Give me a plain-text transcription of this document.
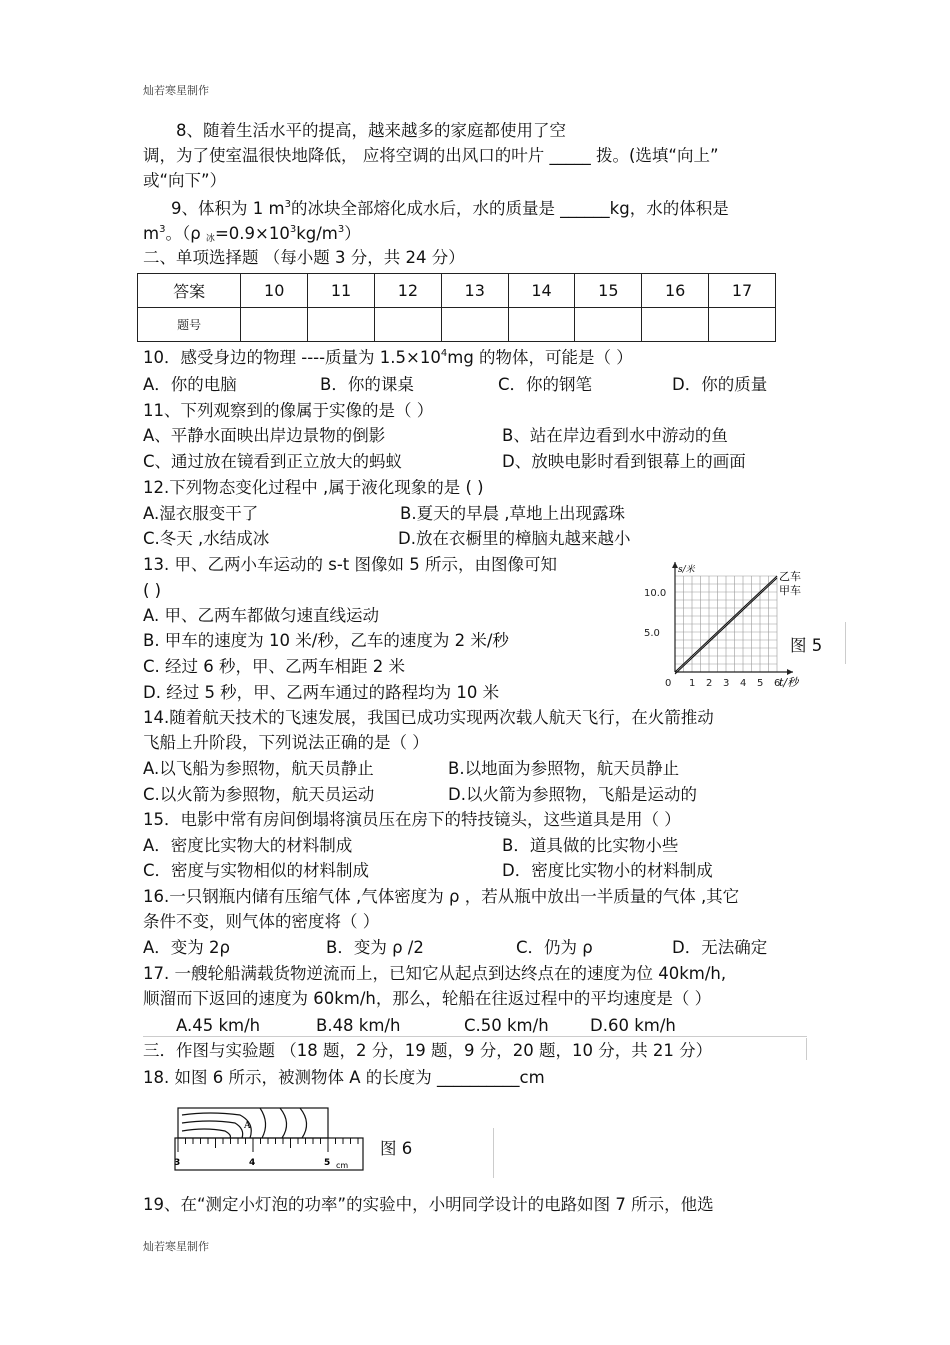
灿若寒星制作
8、随着生活水平的提高，越来越多的家庭都使用了空
调，为了使室温很快地降低， 应将空调的出风口的叶片 _____ 拨。(选填“向上”
或“向下”）
9、体积为 1 $m^3$的冰块全部熔化成水后，水的质量是 ______kg，水的体积是
$m^3$。（ρ $_冰=0.9\times 10^3kg/m^3$）
二、单项选择题 （每小题 3 分，共 24 分）
答案	10	11	12	13	14	15	16	17
题号								
10．感受身边的物理 ----质量为 $1.5\times 10^4mg$ 的物体，可能是（ ）
A．你的电脑	B．你的课桌	C．你的钢笔	D．你的质量
11、下列观察到的像属于实像的是（ ）
A、平静水面映出岸边景物的倒影	B、站在岸边看到水中游动的鱼
C、通过放在镜看到正立放大的蚂蚁	D、放映电影时看到银幕上的画面
12.下列物态变化过程中 ,属于液化现象的是 ( )
A.湿衣服变干了	B.夏天的早晨 ,草地上出现露珠
C.冬天 ,水结成冰	D.放在衣橱里的樟脑丸越来越小
13. 甲、乙两小车运动的 s-t 图像如 5 所示，由图像可知
( )
A. 甲、乙两车都做匀速直线运动
B. 甲车的速度为 10 米/秒，乙车的速度为 2 米/秒
C. 经过 6 秒，甲、乙两车相距 2 米
D. 经过 5 秒，甲、乙两车通过的路程均为 10 米	0 1 2 3 4 5 6
5.0
10.0
t/秒
s/米	乙车
甲车
图 5
14.随着航天技术的飞速发展，我国已成功实现两次载人航天飞行，在火箭推动
飞船上升阶段，下列说法正确的是（ ）
A.以飞船为参照物，航天员静止	B.以地面为参照物，航天员静止
C.以火箭为参照物，航天员运动	D.以火箭为参照物，飞船是运动的
15．电影中常有房间倒塌将演员压在房下的特技镜头，这些道具是用（ ）
A．密度比实物大的材料制成	B．道具做的比实物小些
C．密度与实物相似的材料制成	D．密度比实物小的材料制成
16.一只钢瓶内储有压缩气体 ,气体密度为 ρ ，若从瓶中放出一半质量的气体 ,其它
条件不变，则气体的密度将（ ）
A．变为 2ρ	B．变为 ρ /2	C．仍为 ρ	D．无法确定
17. 一艘轮船满载货物逆流而上，已知它从起点到达终点在的速度为位 40km/h,
顺溜而下返回的速度为 60km/h，那么，轮船在往返过程中的平均速度是（ ）
A.45 km/h	B.48 km/h	C.50 km/h	D.60 km/h
三．作图与实验题 （18 题，2 分，19 题，9 分，20 题，10 分，共 21 分）
18. 如图 6 所示，被测物体 A 的长度为 __________cm
A
3	4	5 cm
图 6
19、在“测定小灯泡的功率”的实验中，小明同学设计的电路如图 7 所示，他选
灿若寒星制作
